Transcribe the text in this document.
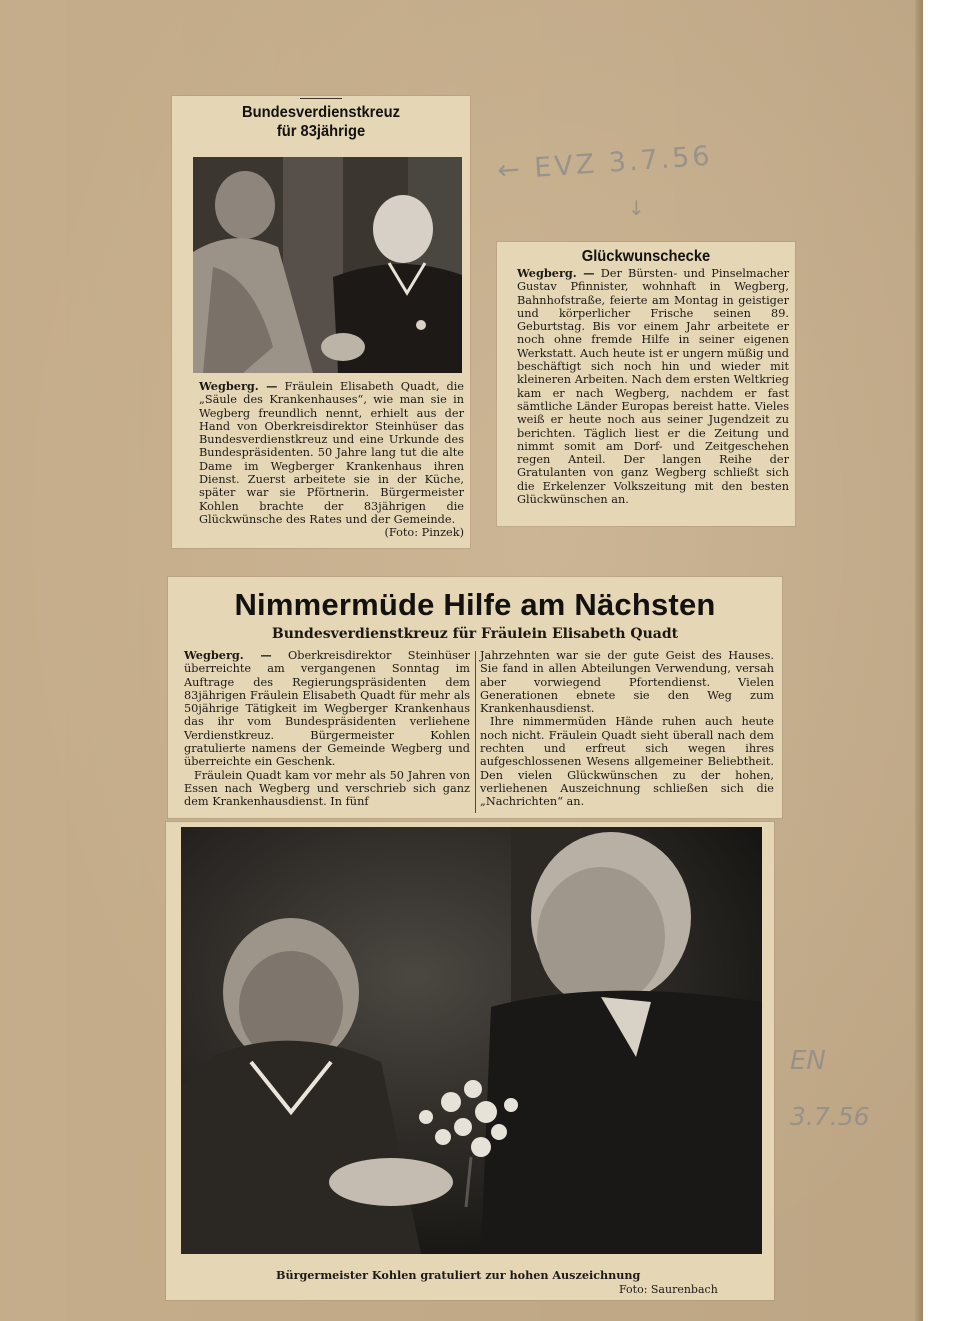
← EVZ 3.7.56
↓
EN
3.7.56
Bundesverdienstkreuz
für 83jährige
Wegberg. — Fräulein Elisabeth Quadt, die „Säule des Krankenhauses“, wie man sie in Wegberg freundlich nennt, erhielt aus der Hand von Oberkreisdirektor Steinhüser das Bundesverdienstkreuz und eine Urkunde des Bundespräsidenten. 50 Jahre lang tut die alte Dame im Wegberger Krankenhaus ihren Dienst. Zuerst arbeitete sie in der Küche, später war sie Pförtnerin. Bürgermeister Kohlen brachte der 83jährigen die Glückwünsche des Rates und der Gemeinde.
(Foto: Pinzek)
Glückwunschecke
Wegberg. — Der Bürsten- und Pinselmacher Gustav Pfinnister, wohnhaft in Wegberg, Bahnhofstraße, feierte am Montag in geistiger und körperlicher Frische seinen 89. Geburtstag. Bis vor einem Jahr arbeitete er noch ohne fremde Hilfe in seiner eigenen Werkstatt. Auch heute ist er ungern müßig und beschäftigt sich noch hin und wieder mit kleineren Arbeiten. Nach dem ersten Weltkrieg kam er nach Wegberg, nachdem er fast sämtliche Länder Europas bereist hatte. Vieles weiß er heute noch aus seiner Jugendzeit zu berichten. Täglich liest er die Zeitung und nimmt somit am Dorf- und Zeitgeschehen regen Anteil. Der langen Reihe der Gratulanten von ganz Wegberg schließt sich die Erkelenzer Volkszeitung mit den besten Glückwünschen an.
Nimmermüde Hilfe am Nächsten
Bundesverdienstkreuz für Fräulein Elisabeth Quadt
Wegberg. — Oberkreisdirektor Steinhüser überreichte am vergangenen Sonntag im Auftrage des Regierungspräsidenten dem 83jährigen Fräulein Elisabeth Quadt für mehr als 50jährige Tätigkeit im Wegberger Krankenhaus das ihr vom Bundespräsidenten verliehene Verdienstkreuz. Bürgermeister Kohlen gratulierte namens der Gemeinde Wegberg und überreichte ein Geschenk.
Fräulein Quadt kam vor mehr als 50 Jahren von Essen nach Wegberg und verschrieb sich ganz dem Krankenhausdienst. In fünf
Jahrzehnten war sie der gute Geist des Hauses. Sie fand in allen Abteilungen Verwendung, versah aber vorwiegend Pfortendienst. Vielen Generationen ebnete sie den Weg zum Krankenhausdienst.
Ihre nimmermüden Hände ruhen auch heute noch nicht. Fräulein Quadt sieht überall nach dem rechten und erfreut sich wegen ihres aufgeschlossenen Wesens allgemeiner Beliebtheit. Den vielen Glückwünschen zu der hohen, verliehenen Auszeichnung schließen sich die „Nachrichten“ an.
Bürgermeister Kohlen gratuliert zur hohen Auszeichnung
Foto: Saurenbach
